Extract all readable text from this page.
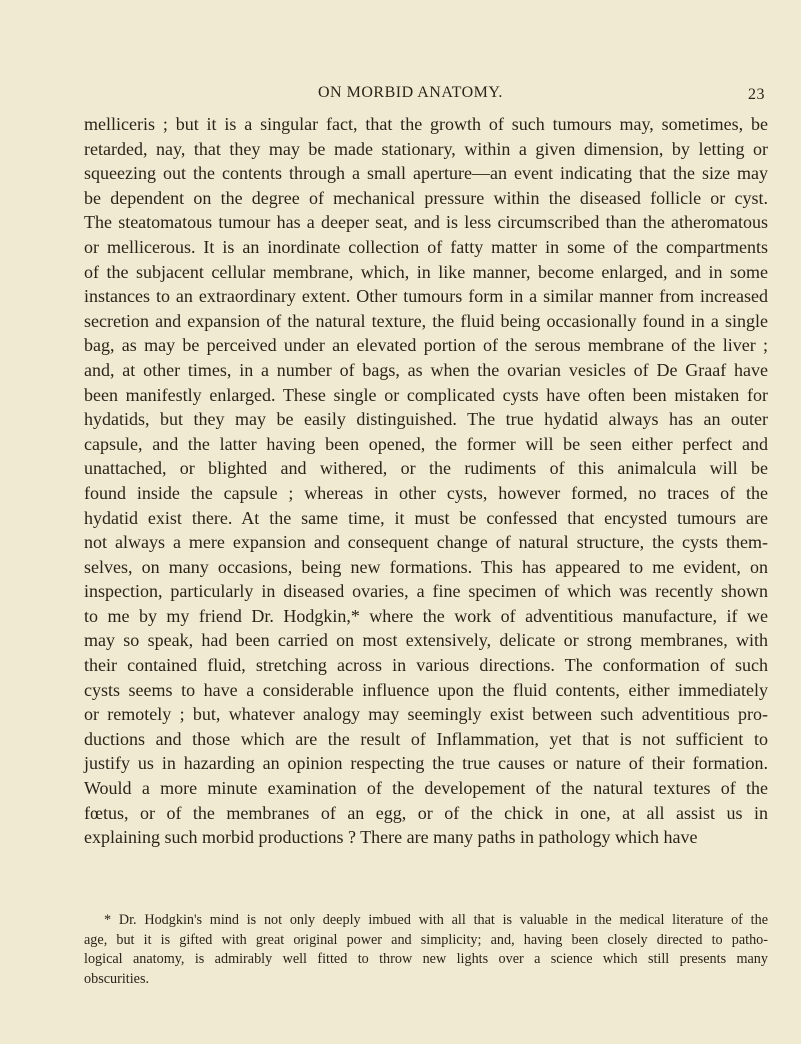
ON MORBID ANATOMY.	23
melliceris ; but it is a singular fact, that the growth of such tumours may, sometimes, be
retarded, nay, that they may be made stationary, within a given dimension, by letting or
squeezing out the contents through a small aperture—an event indicating that the size may
be dependent on the degree of mechanical pressure within the diseased follicle or cyst.
The steatomatous tumour has a deeper seat, and is less circumscribed than the atheromatous
or mellicerous. It is an inordinate collection of fatty matter in some of the compartments
of the subjacent cellular membrane, which, in like manner, become enlarged, and in some
instances to an extraordinary extent. Other tumours form in a similar manner from increased
secretion and expansion of the natural texture, the fluid being occasionally found in a single
bag, as may be perceived under an elevated portion of the serous membrane of the liver ;
and, at other times, in a number of bags, as when the ovarian vesicles of De Graaf have
been manifestly enlarged. These single or complicated cysts have often been mistaken for
hydatids, but they may be easily distinguished. The true hydatid always has an outer
capsule, and the latter having been opened, the former will be seen either perfect and
unattached, or blighted and withered, or the rudiments of this animalcula will be
found inside the capsule ; whereas in other cysts, however formed, no traces of the
hydatid exist there. At the same time, it must be confessed that encysted tumours are
not always a mere expansion and consequent change of natural structure, the cysts them-
selves, on many occasions, being new formations. This has appeared to me evident, on
inspection, particularly in diseased ovaries, a fine specimen of which was recently shown
to me by my friend Dr. Hodgkin,* where the work of adventitious manufacture, if we
may so speak, had been carried on most extensively, delicate or strong membranes, with
their contained fluid, stretching across in various directions. The conformation of such
cysts seems to have a considerable influence upon the fluid contents, either immediately
or remotely ; but, whatever analogy may seemingly exist between such adventitious pro-
ductions and those which are the result of Inflammation, yet that is not sufficient to
justify us in hazarding an opinion respecting the true causes or nature of their formation.
Would a more minute examination of the developement of the natural textures of the
fœtus, or of the membranes of an egg, or of the chick in one, at all assist us in
explaining such morbid productions ? There are many paths in pathology which have
* Dr. Hodgkin's mind is not only deeply imbued with all that is valuable in the medical literature of the
age, but it is gifted with great original power and simplicity; and, having been closely directed to patho-
logical anatomy, is admirably well fitted to throw new lights over a science which still presents many
obscurities.
